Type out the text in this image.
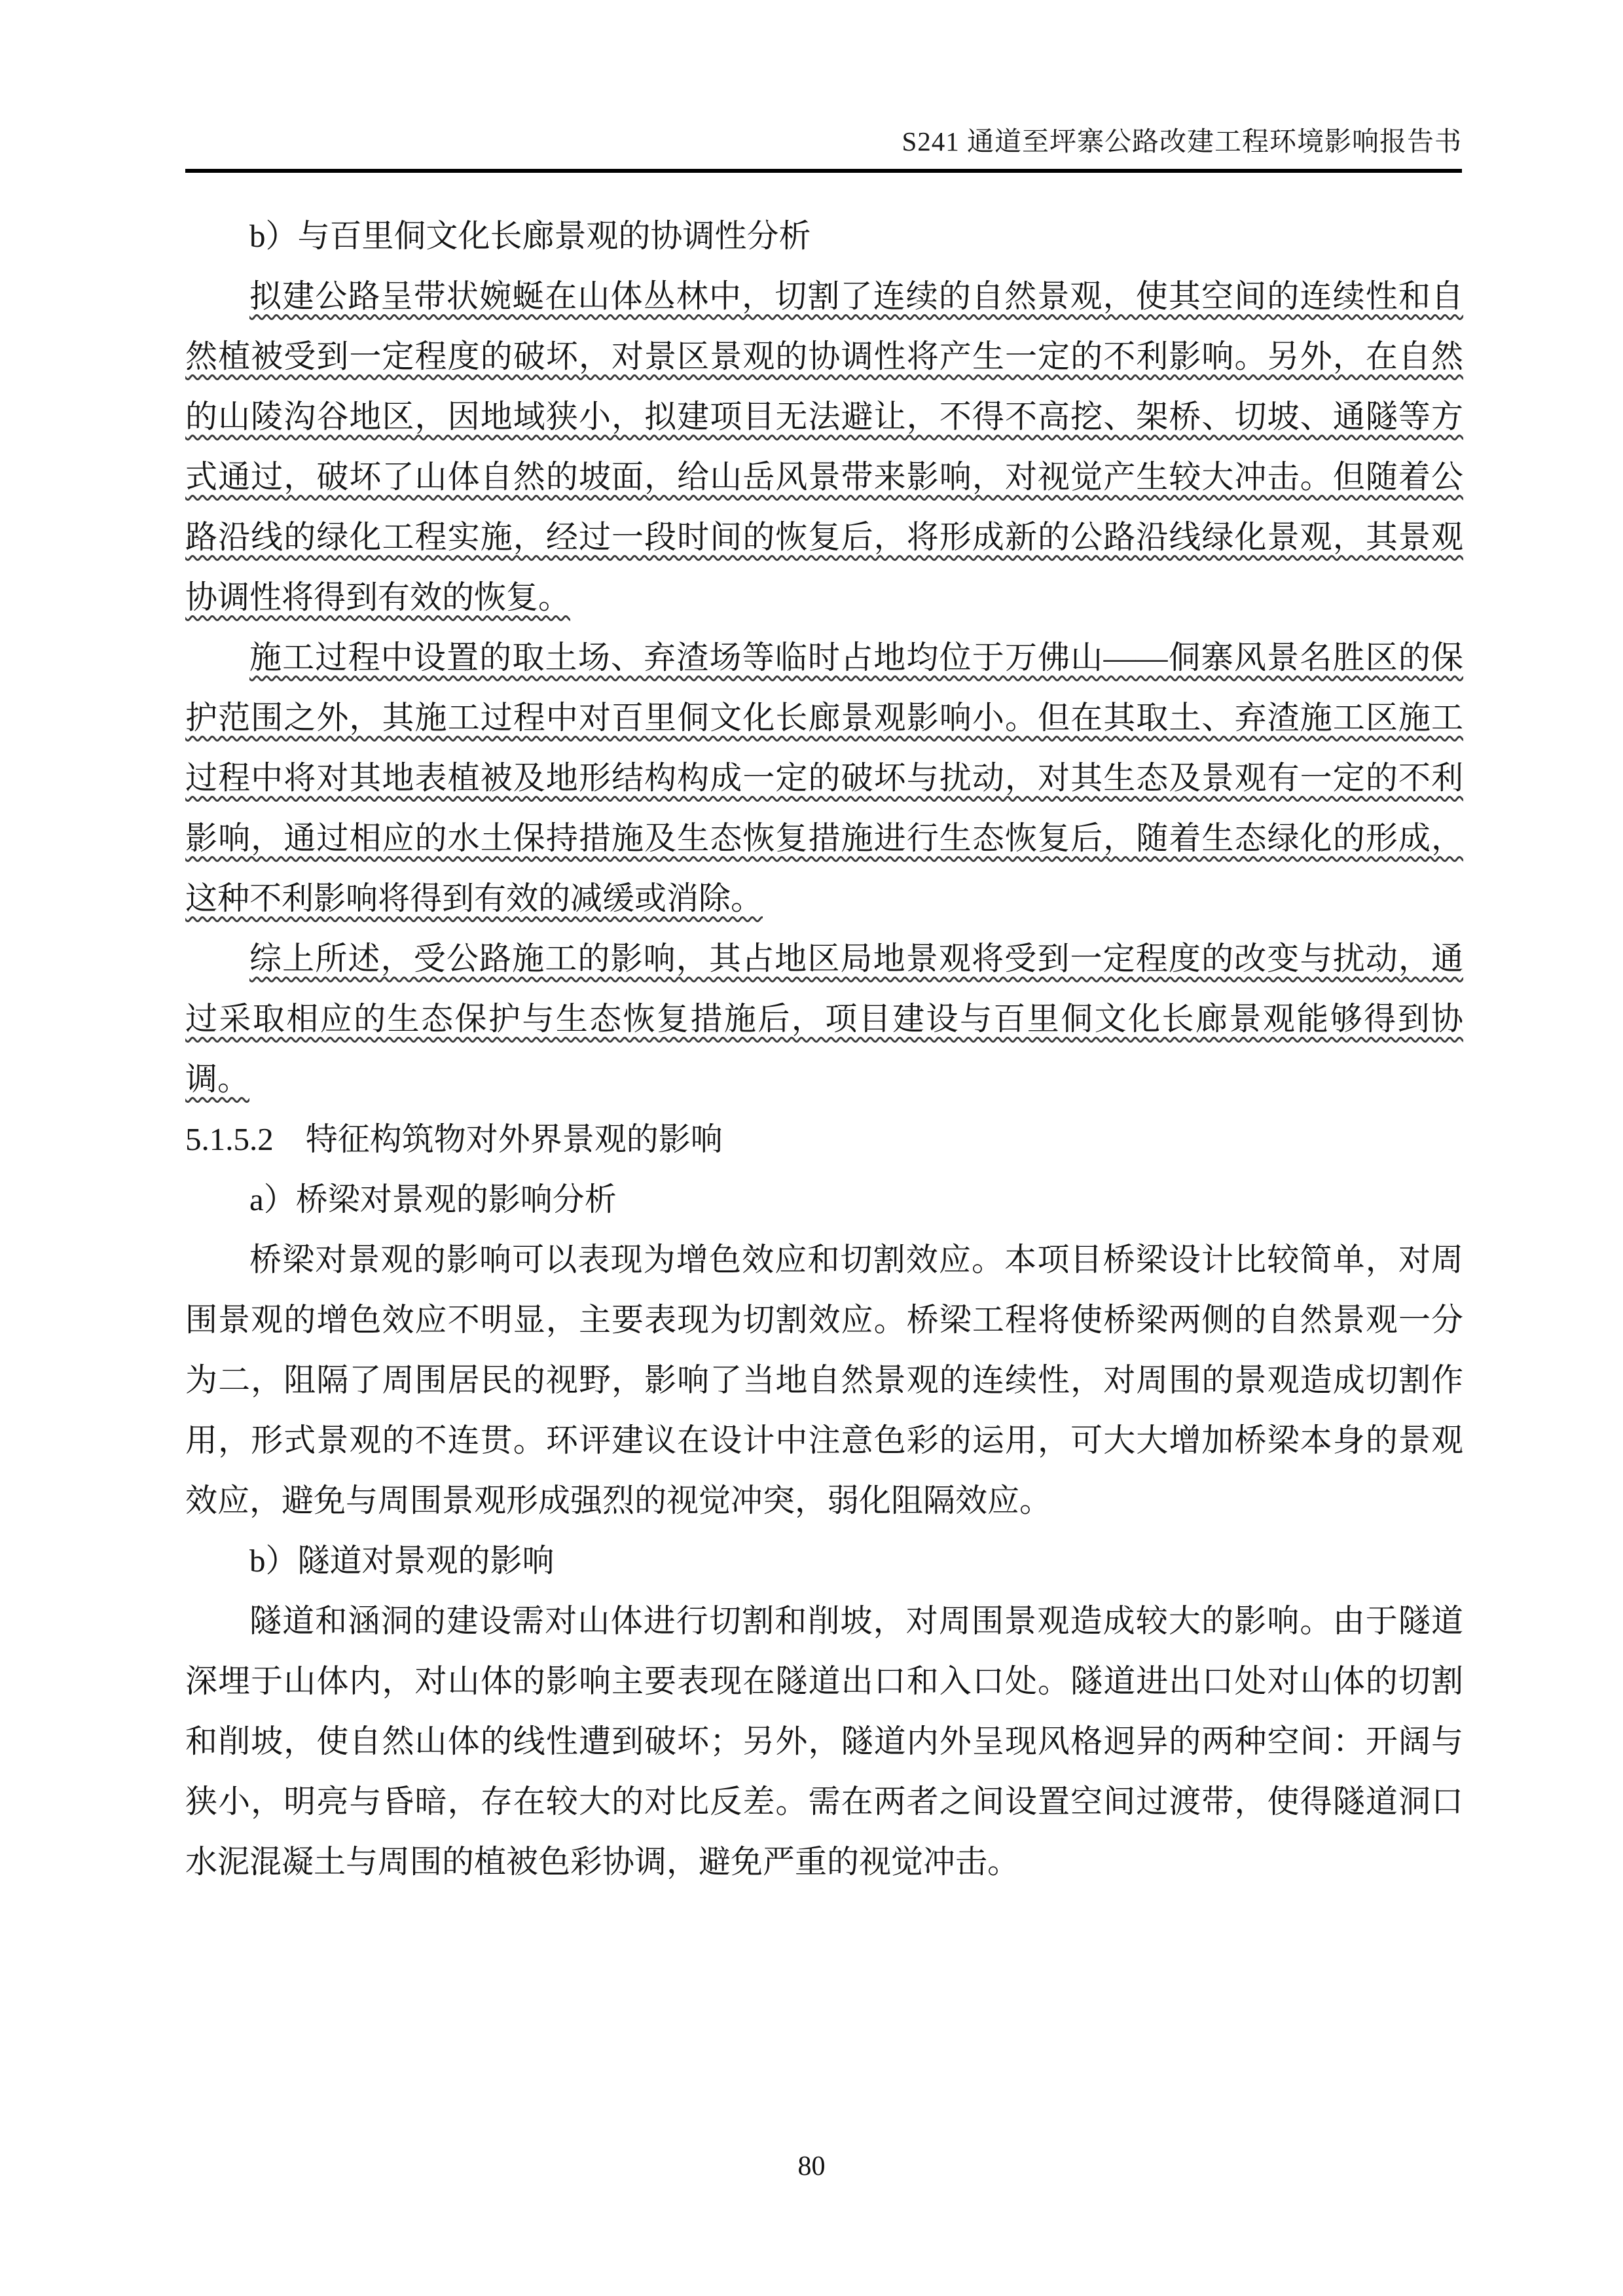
S241 通道至坪寨公路改建工程环境影响报告书

b）与百里侗文化长廊景观的协调性分析

拟建公路呈带状婉蜒在山体丛林中，切割了连续的自然景观，使其空间的连续性和自然植被受到一定程度的破坏，对景区景观的协调性将产生一定的不利影响。另外，在自然的山陵沟谷地区，因地域狭小，拟建项目无法避让，不得不高挖、架桥、切坡、通隧等方式通过，破坏了山体自然的坡面，给山岳风景带来影响，对视觉产生较大冲击。但随着公路沿线的绿化工程实施，经过一段时间的恢复后，将形成新的公路沿线绿化景观，其景观协调性将得到有效的恢复。

施工过程中设置的取土场、弃渣场等临时占地均位于万佛山——侗寨风景名胜区的保护范围之外，其施工过程中对百里侗文化长廊景观影响小。但在其取土、弃渣施工区施工过程中将对其地表植被及地形结构构成一定的破坏与扰动，对其生态及景观有一定的不利影响，通过相应的水土保持措施及生态恢复措施进行生态恢复后，随着生态绿化的形成，这种不利影响将得到有效的减缓或消除。

综上所述，受公路施工的影响，其占地区局地景观将受到一定程度的改变与扰动，通过采取相应的生态保护与生态恢复措施后，项目建设与百里侗文化长廊景观能够得到协调。

5.1.5.2　特征构筑物对外界景观的影响

a）桥梁对景观的影响分析

桥梁对景观的影响可以表现为增色效应和切割效应。本项目桥梁设计比较简单，对周围景观的增色效应不明显，主要表现为切割效应。桥梁工程将使桥梁两侧的自然景观一分为二，阻隔了周围居民的视野，影响了当地自然景观的连续性，对周围的景观造成切割作用，形式景观的不连贯。环评建议在设计中注意色彩的运用，可大大增加桥梁本身的景观效应，避免与周围景观形成强烈的视觉冲突，弱化阻隔效应。

b）隧道对景观的影响

隧道和涵洞的建设需对山体进行切割和削坡，对周围景观造成较大的影响。由于隧道深埋于山体内，对山体的影响主要表现在隧道出口和入口处。隧道进出口处对山体的切割和削坡，使自然山体的线性遭到破坏；另外，隧道内外呈现风格迥异的两种空间：开阔与狭小，明亮与昏暗，存在较大的对比反差。需在两者之间设置空间过渡带，使得隧道洞口水泥混凝土与周围的植被色彩协调，避免严重的视觉冲击。

80
